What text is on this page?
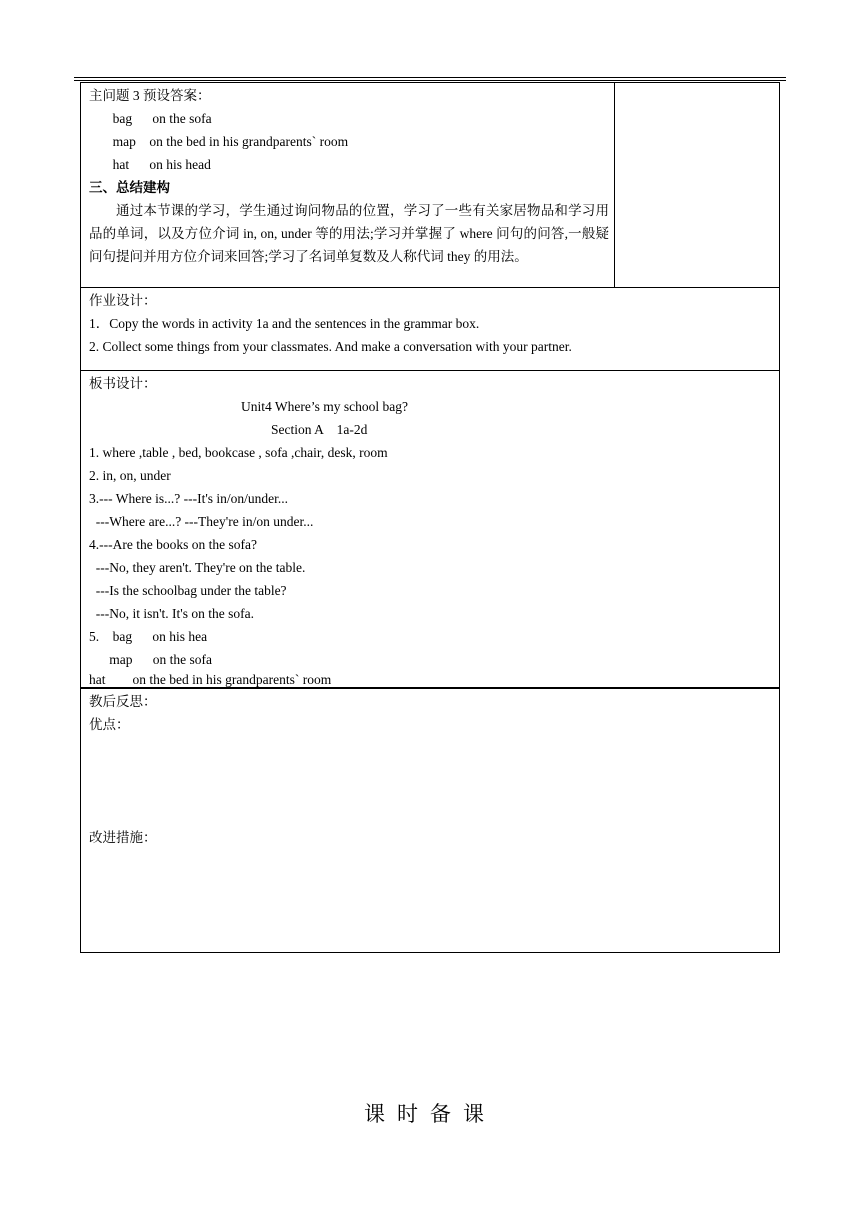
主问题 3 预设答案：
bag      on the sofa
map    on the bed in his grandparents` room
hat      on his head
三、总结建构
通过本节课的学习，学生通过询问物品的位置，学习了一些有关家居物品和学习用品的单词，以及方位介词 in, on, under 等的用法;学习并掌握了 where 问句的问答,一般疑问句提问并用方位介词来回答;学习了名词单复数及人称代词 they 的用法。
作业设计：
1．Copy the words in activity 1a and the sentences in the grammar box.
2. Collect some things from your classmates. And make a conversation with your partner.
板书设计：
Unit4 Where’s my school bag?
Section A    1a-2d
1. where ,table , bed, bookcase , sofa ,chair, desk, room
2. in, on, under
3.--- Where is...? ---It's in/on/under...
---Where are...? ---They're in/on under...
4.---Are the books on the sofa?
---No, they aren't. They're on the table.
---Is the schoolbag under the table?
---No, it isn't. It's on the sofa.
5.    bag      on his hea
map      on the sofa
hat        on the bed in his grandparents` room
教后反思：
优点：
改进措施：
课时备课
